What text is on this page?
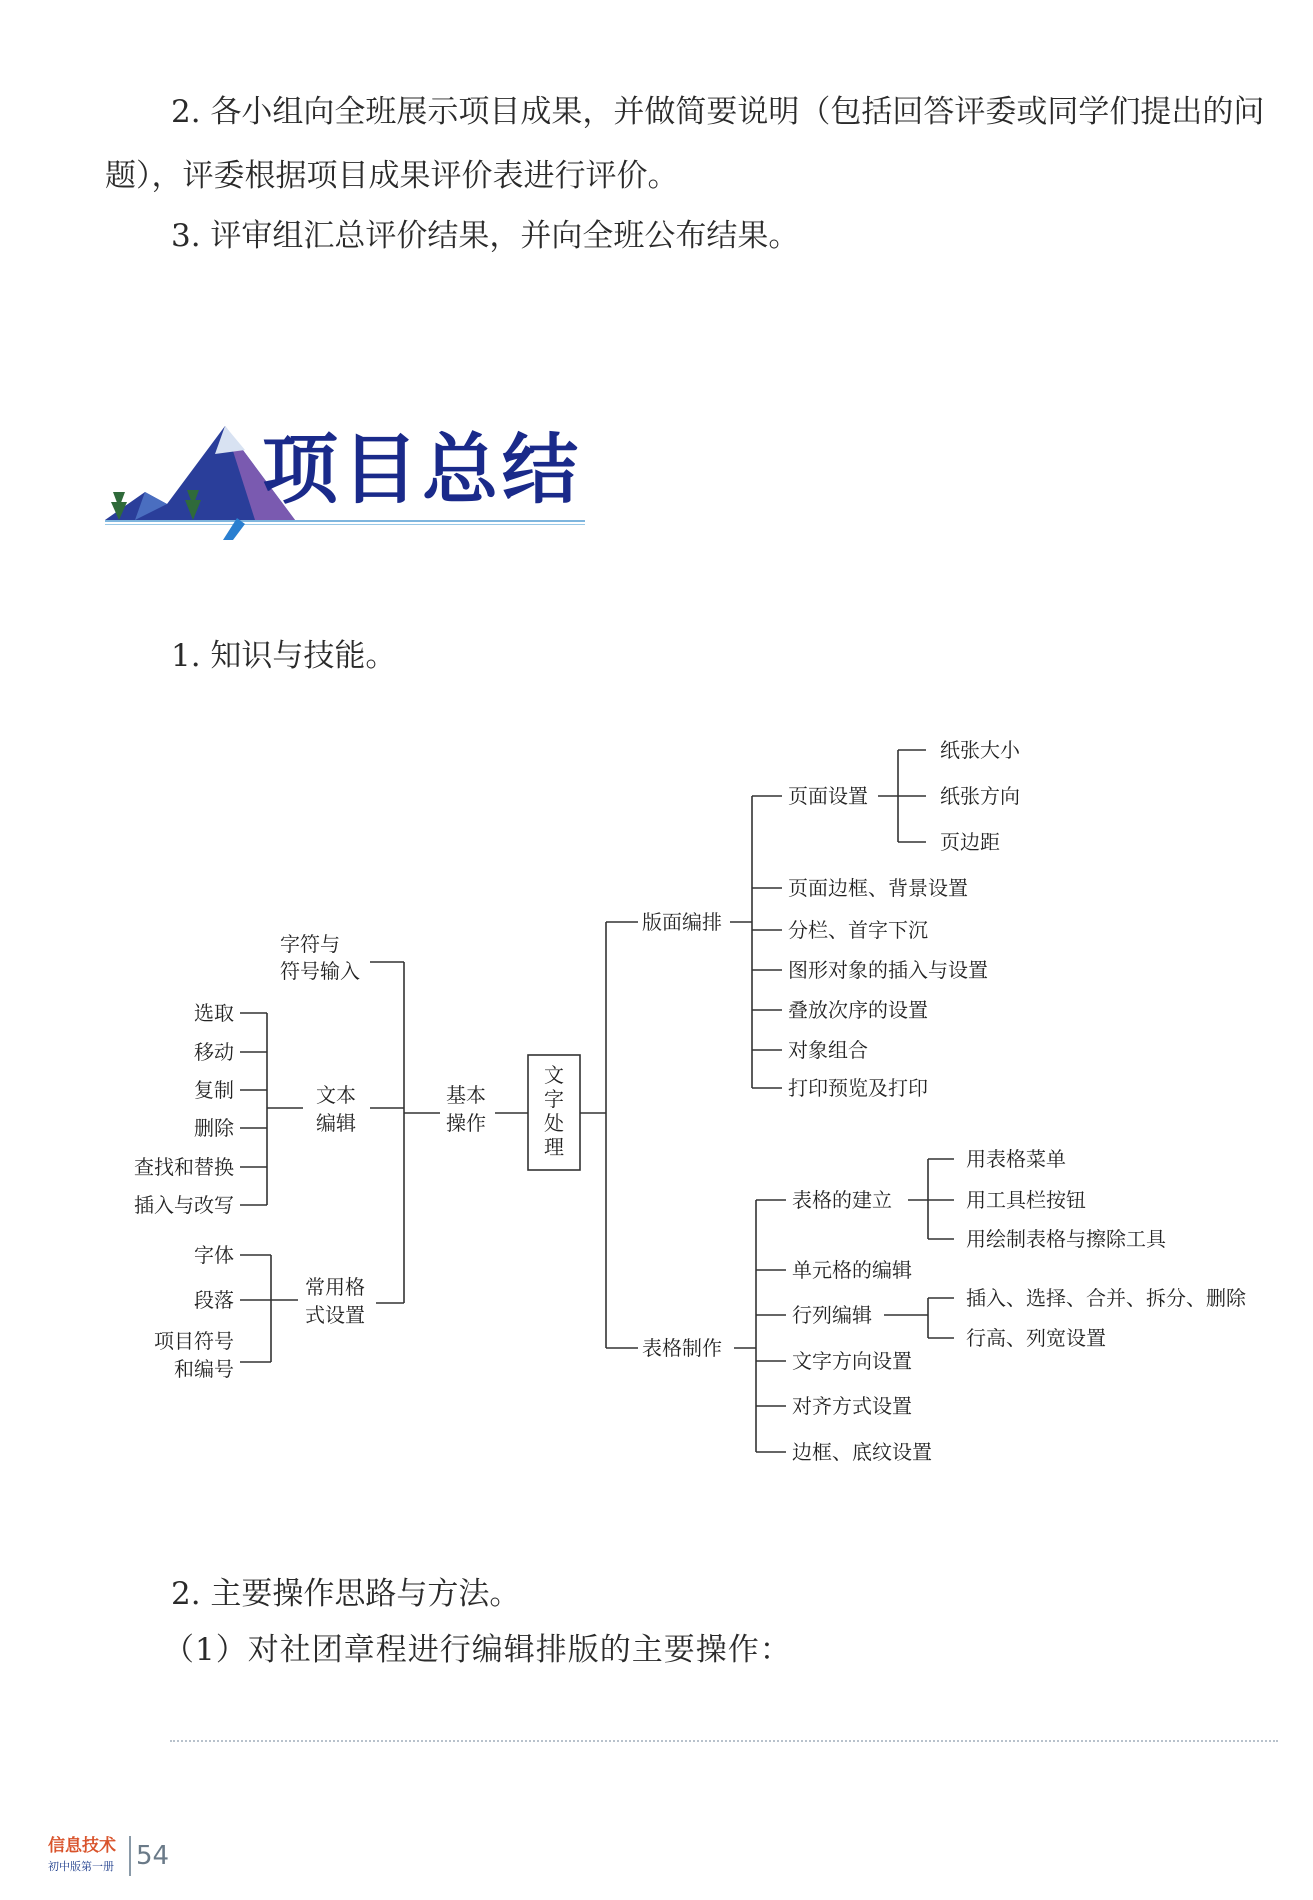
2. 各小组向全班展示项目成果，并做简要说明（包括回答评委或同学们提出的问题），评委根据项目成果评价表进行评价。

3. 评审组汇总评价结果，并向全班公布结果。

项目总结

1. 知识与技能。

字符与
符号输入
选取
移动
复制
删除
查找和替换
插入与改写
文本
编辑
字体
段落
项目符号
和编号
常用格
式设置
基本
操作
文
字
处
理
版面编排
页面设置
纸张大小
纸张方向
页边距
页面边框、背景设置
分栏、首字下沉
图形对象的插入与设置
叠放次序的设置
对象组合
打印预览及打印
表格制作
表格的建立
用表格菜单
用工具栏按钮
用绘制表格与擦除工具
单元格的编辑
行列编辑
插入、选择、合并、拆分、删除
行高、列宽设置
文字方向设置
对齐方式设置
边框、底纹设置

2. 主要操作思路与方法。

（1）对社团章程进行编辑排版的主要操作：

信息技术
初中版第一册 54
